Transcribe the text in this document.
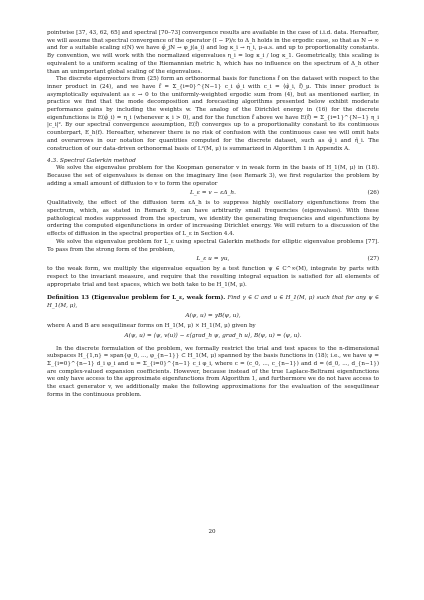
pointwise [37, 43, 62, 65] and spectral [70–73] convergence results are available in the case of i.i.d. data. Hereafter, we will assume that spectral convergence of the operator (I − P)/ε to Δ_h holds in the ergodic case, so that as N → ∞ and for a suitable scaling ε(N) we have φ̂_jN → φ_j(a_i) and log κ_i → η_i, μ-a.s. and up to proportionality constants. By convention, we will work with the normalized eigenvalues η_i = log κ_i / log κ_1. Geometrically, this scaling is equivalent to a uniform scaling of the Riemannian metric h, which has no influence on the spectrum of Δ_h other than an unimportant global scaling of the eigenvalues.

The discrete eigenvectors from (25) form an orthonormal basis for functions f̂ on the dataset with respect to the inner product in (24), and we have f̂ = Σ_{i=0}^{N−1} c_i φ̂_i with c_i = ⟨φ̂_i, f̂⟩_μ. This inner product is asymptotically equivalent as ε → 0 to the uniformly-weighted ergodic sum from (4), but as mentioned earlier, in practice we find that the mode decomposition and forecasting algorithms presented below exhibit moderate performance gains by including the weights w. The analog of the Dirichlet energy in (16) for the discrete eigenfunctions is E(φ̂_i) = η_i (whenever κ_i > 0), and for the function f̂ above we have E(f̂) = Σ_{i=1}^{N−1} η_i |c_i|². By our spectral convergence assumption, E(f̂) converges up to a proportionality constant to its continuous counterpart, E_h(f). Hereafter, whenever there is no risk of confusion with the continuous case we will omit hats and overarrows in our notation for quantities computed for the discrete dataset, such as φ̂_i and η̂_i. The construction of our data-driven orthonormal basis of L²(M, μ) is summarized in Algorithm 1 in Appendix A.

4.3. Spectral Galerkin method

We solve the eigenvalue problem for the Koopman generator v in weak form in the basis of H_1(M, μ) in (18). Because the set of eigenvalues is dense on the imaginary line (see Remark 3), we first regularize the problem by adding a small amount of diffusion to v to form the operator

L_ε = v − εΔ_h.	(26)

Qualitatively, the effect of the diffusion term εΔ_h is to suppress highly oscillatory eigenfunctions from the spectrum, which, as stated in Remark 9, can have arbitrarily small frequencies (eigenvalues). With these pathological modes suppressed from the spectrum, we identify the generating frequencies and eigenfunctions by ordering the computed eigenfunctions in order of increasing Dirichlet energy. We will return to a discussion of the effects of diffusion in the spectral properties of L_ε in Section 4.4.

We solve the eigenvalue problem for L_ε using spectral Galerkin methods for elliptic eigenvalue problems [77]. To pass from the strong form of the problem,

L_ε u = γu,	(27)

to the weak form, we multiply the eigenvalue equation by a test function ψ ∈ C^∞(M), integrate by parts with respect to the invariant measure, and require that the resulting integral equation is satisfied for all elements of appropriate trial and test spaces, which we both take to be H_1(M, μ).

Definition 13 (Eigenvalue problem for L_ε, weak form). Find γ ∈ C and u ∈ H_1(M, μ) such that for any ψ ∈ H_1(M, μ),

A(ψ, u) = γB(ψ, u),

where A and B are sesquilinear forms on H_1(M, μ) × H_1(M, μ) given by

A(ψ, u) = ⟨ψ, v(u)⟩ − ε⟨grad_h ψ, grad_h u⟩, B(ψ, u) = ⟨ψ, u⟩.

In the discrete formulation of the problem, we formally restrict the trial and test spaces to the n-dimensional subspaces H_{1,n} = span{φ_0, ..., φ_{n−1}} ⊂ H_1(M, μ) spanned by the basis functions in (18); i.e., we have ψ = Σ_{i=0}^{n−1} d_i φ_i and u = Σ_{i=0}^{n−1} c_i φ_i, where c = (c_0, ..., c_{n−1}) and d = (d_0, ..., d_{n−1}) are complex-valued expansion coefficients. However, because instead of the true Laplace-Beltrami eigenfunctions we only have access to the approximate eigenfunctions from Algorithm 1, and furthermore we do not have access to the exact generator v, we additionally make the following approximations for the evaluation of the sesquilinear forms in the continuous problem.

20
